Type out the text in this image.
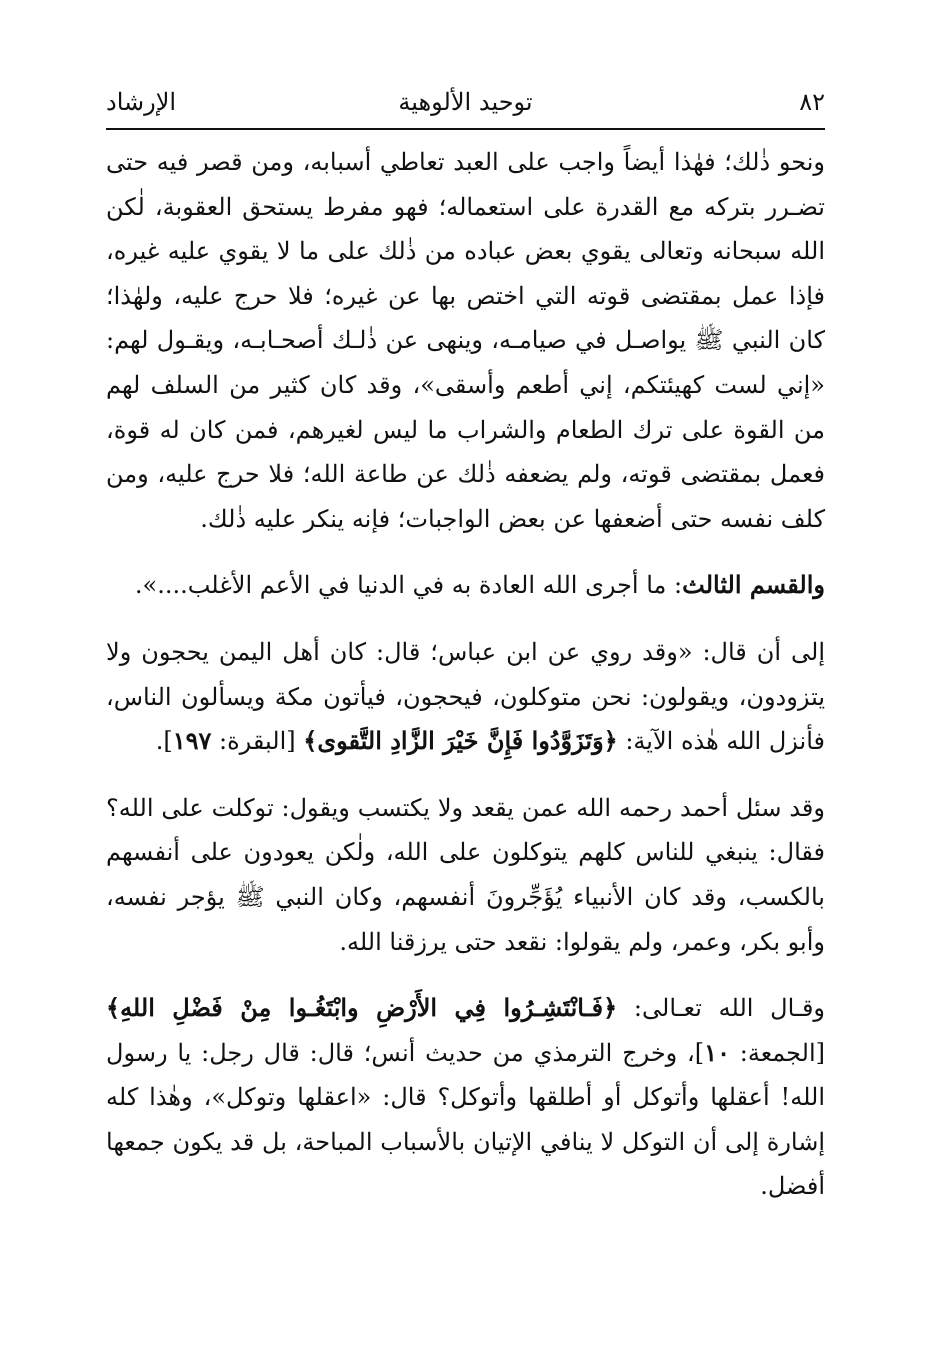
٨٢
توحيد الألوهية
الإرشاد

ونحو ذٰلك؛ فهٰذا أيضاً واجب على العبد تعاطي أسبابه، ومن قصر فيه حتى تضـرر بتركه مع القدرة على استعماله؛ فهو مفرط يستحق العقوبة، لٰكن الله سبحانه وتعالى يقوي بعض عباده من ذٰلك على ما لا يقوي عليه غيره، فإذا عمل بمقتضى قوته التي اختص بها عن غيره؛ فلا حرج عليه، ولهٰذا؛ كان النبي ﷺ يواصـل في صيامـه، وينهى عن ذٰلـك أصحـابـه، ويقـول لهم: «إني لست كهيئتكم، إني أطعم وأسقى»، وقد كان كثير من السلف لهم من القوة على ترك الطعام والشراب ما ليس لغيرهم، فمن كان له قوة، فعمل بمقتضى قوته، ولم يضعفه ذٰلك عن طاعة الله؛ فلا حرج عليه، ومن كلف نفسه حتى أضعفها عن بعض الواجبات؛ فإنه ينكر عليه ذٰلك.

والقسم الثالث: ما أجرى الله العادة به في الدنيا في الأعم الأغلب....».

إلى أن قال: «وقد روي عن ابن عباس؛ قال: كان أهل اليمن يحجون ولا يتزودون، ويقولون: نحن متوكلون، فيحجون، فيأتون مكة ويسألون الناس، فأنزل الله هٰذه الآية: ﴿وَتَزَوَّدُوا فَإِنَّ خَيْرَ الزَّادِ التَّقوى﴾ [البقرة: ١٩٧].

وقد سئل أحمد رحمه الله عمن يقعد ولا يكتسب ويقول: توكلت على الله؟ فقال: ينبغي للناس كلهم يتوكلون على الله، ولٰكن يعودون على أنفسهم بالكسب، وقد كان الأنبياء يُؤَجِّرونَ أنفسهم، وكان النبي ﷺ يؤجر نفسه، وأبو بكر، وعمر، ولم يقولوا: نقعد حتى يرزقنا الله.

وقـال الله تعـالى: ﴿فَـانْتَشِـرُوا فِي الأَرْضِ وابْتَغُـوا مِنْ فَضْلِ اللهِ﴾ [الجمعة: ١٠]، وخرج الترمذي من حديث أنس؛ قال: قال رجل: يا رسول الله! أعقلها وأتوكل أو أطلقها وأتوكل؟ قال: «اعقلها وتوكل»، وهٰذا كله إشارة إلى أن التوكل لا ينافي الإتيان بالأسباب المباحة، بل قد يكون جمعها أفضل.
